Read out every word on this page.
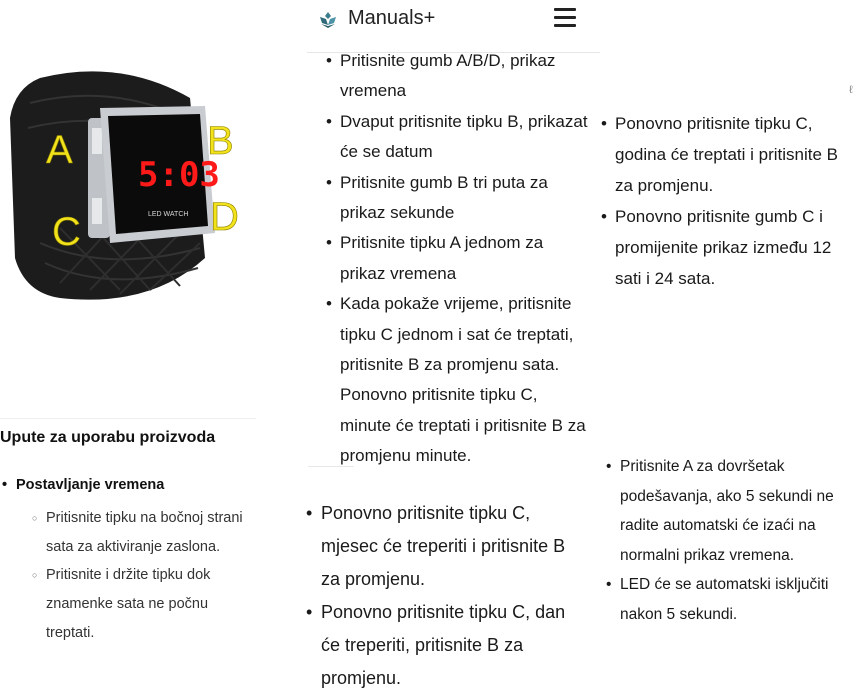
Manuals+
5:03
LED WATCH
A	B
C	D
Upute za uporabu proizvoda
• Postavljanje vremena
○ Pritisnite tipku na bočnoj strani sata za aktiviranje zaslona.
○ Pritisnite i držite tipku dok znamenke sata ne počnu treptati.
• Pritisnite gumb A/B/D, prikaz vremena
• Dvaput pritisnite tipku B, prikazat će se datum
• Pritisnite gumb B tri puta za prikaz sekunde
• Pritisnite tipku A jednom za prikaz vremena
• Kada pokaže vrijeme, pritisnite tipku C jednom i sat će treptati, pritisnite B za promjenu sata.
Ponovno pritisnite tipku C, minute će treptati i pritisnite B za promjenu minute.
• Ponovno pritisnite tipku C, mjesec će treperiti i pritisnite B za promjenu.
• Ponovno pritisnite tipku C, dan će treperiti, pritisnite B za promjenu.
• Ponovno pritisnite tipku C, godina će treptati i pritisnite B za promjenu.
• Ponovno pritisnite gumb C i promijenite prikaz između 12 sati i 24 sata.
• Pritisnite A za dovršetak podešavanja, ako 5 sekundi ne radite automatski će izaći na normalni prikaz vremena.
• LED će se automatski isključiti nakon 5 sekundi.
ℓ
